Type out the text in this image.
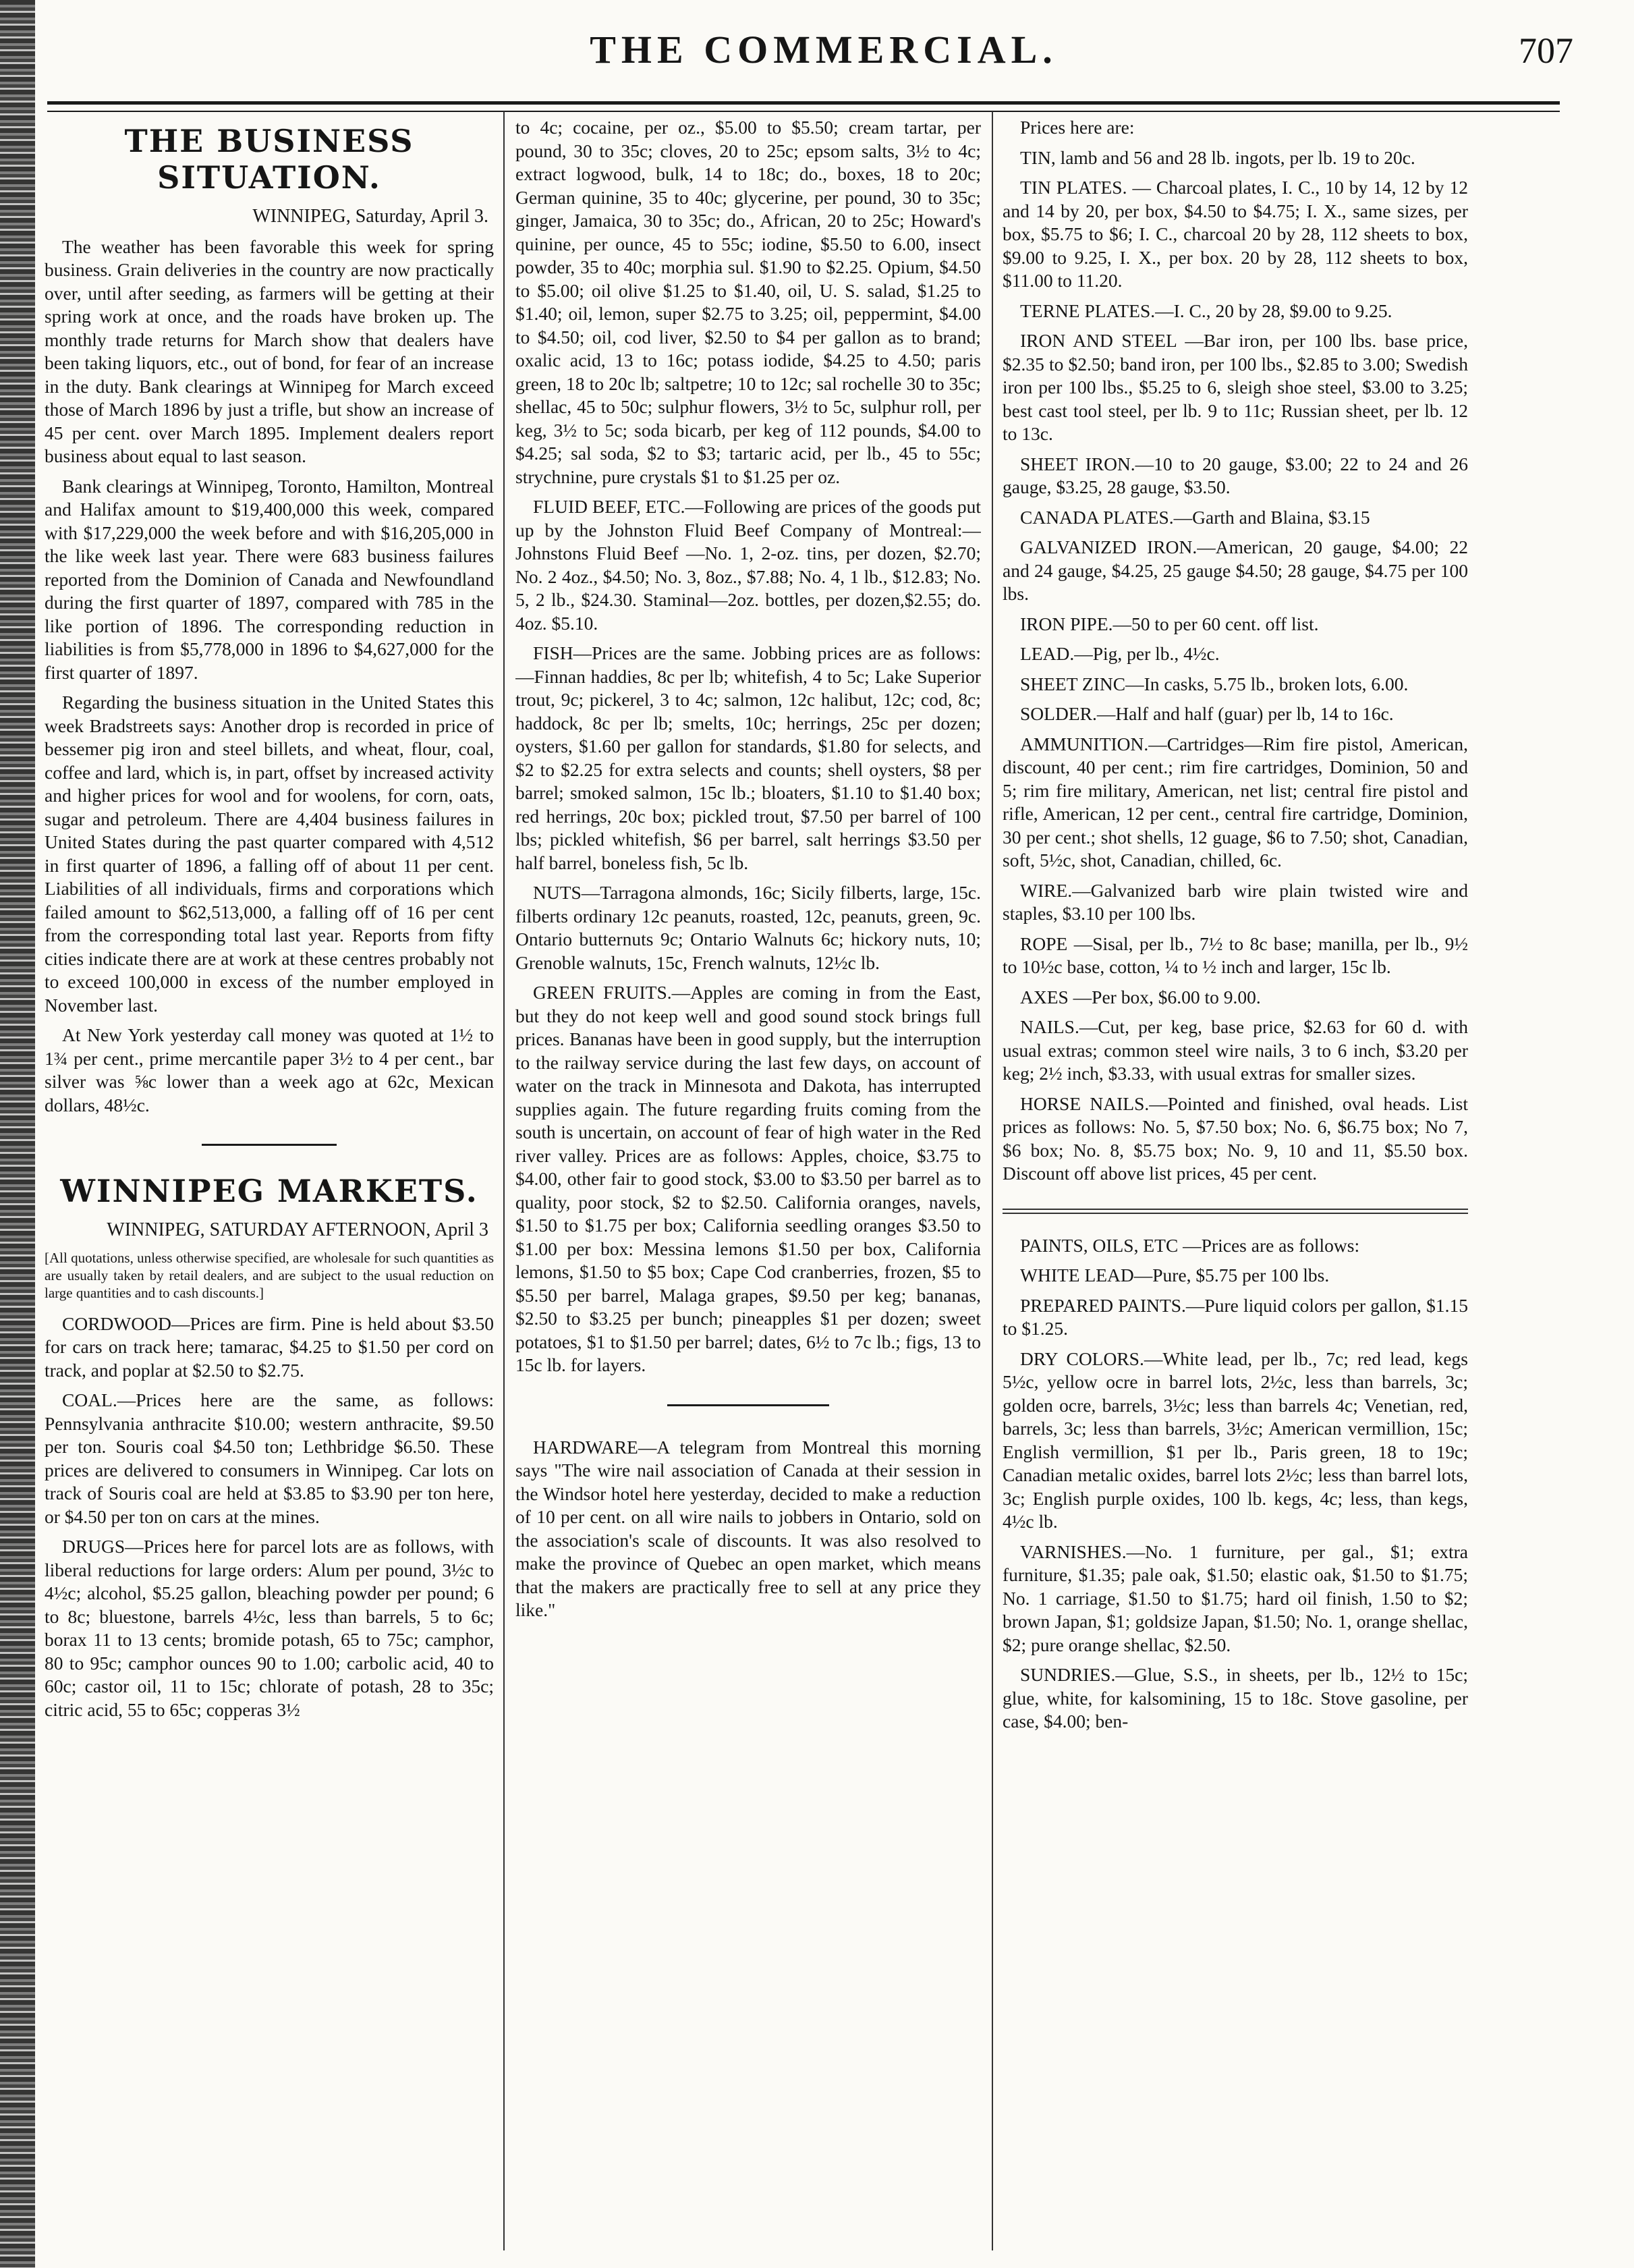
THE COMMERCIAL.	707
THE BUSINESS SITUATION.
WINNIPEG, Saturday, April 3.

The weather has been favorable this week for spring business. Grain deliveries in the country are now practically over, until after seeding, as farmers will be getting at their spring work at once, and the roads have broken up. The monthly trade returns for March show that dealers have been taking liquors, etc., out of bond, for fear of an increase in the duty. Bank clearings at Winnipeg for March exceed those of March 1896 by just a trifle, but show an increase of 45 per cent. over March 1895. Implement dealers report business about equal to last season.

Bank clearings at Winnipeg, Toronto, Hamilton, Montreal and Halifax amount to $19,400,000 this week, compared with $17,229,000 the week before and with $16,205,000 in the like week last year. There were 683 business failures reported from the Dominion of Canada and Newfoundland during the first quarter of 1897, compared with 785 in the like portion of 1896. The corresponding reduction in liabilities is from $5,778,000 in 1896 to $4,627,000 for the first quarter of 1897.

Regarding the business situation in the United States this week Bradstreets says: Another drop is recorded in price of bessemer pig iron and steel billets, and wheat, flour, coal, coffee and lard, which is, in part, offset by increased activity and higher prices for wool and for woolens, for corn, oats, sugar and petroleum. There are 4,404 business failures in United States during the past quarter compared with 4,512 in first quarter of 1896, a falling off of about 11 per cent. Liabilities of all individuals, firms and corporations which failed amount to $62,513,000, a falling off of 16 per cent from the corresponding total last year. Reports from fifty cities indicate there are at work at these centres probably not to exceed 100,000 in excess of the number employed in November last.

At New York yesterday call money was quoted at 1½ to 1¾ per cent., prime mercantile paper 3½ to 4 per cent., bar silver was ⅝c lower than a week ago at 62c, Mexican dollars, 48½c.

WINNIPEG MARKETS.
WINNIPEG, SATURDAY AFTERNOON, April 3
[All quotations, unless otherwise specified, are wholesale for such quantities as are usually taken by retail dealers, and are subject to the usual reduction on large quantities and to cash discounts.]

CORDWOOD—Prices are firm. Pine is held about $3.50 for cars on track here; tamarac, $4.25 to $1.50 per cord on track, and poplar at $2.50 to $2.75.

COAL.—Prices here are the same, as follows: Pennsylvania anthracite $10.00; western anthracite, $9.50 per ton. Souris coal $4.50 ton; Lethbridge $6.50. These prices are delivered to consumers in Winnipeg. Car lots on track of Souris coal are held at $3.85 to $3.90 per ton here, or $4.50 per ton on cars at the mines.

DRUGS—Prices here for parcel lots are as follows, with liberal reductions for large orders: Alum per pound, 3½c to 4½c; alcohol, $5.25 gallon, bleaching powder per pound; 6 to 8c; bluestone, barrels 4½c, less than barrels, 5 to 6c; borax 11 to 13 cents; bromide potash, 65 to 75c; camphor, 80 to 95c; camphor ounces 90 to 1.00; carbolic acid, 40 to 60c; castor oil, 11 to 15c; chlorate of potash, 28 to 35c; citric acid, 55 to 65c; copperas 3½

to 4c; cocaine, per oz., $5.00 to $5.50; cream tartar, per pound, 30 to 35c; cloves, 20 to 25c; epsom salts, 3½ to 4c; extract logwood, bulk, 14 to 18c; do., boxes, 18 to 20c; German quinine, 35 to 40c; glycerine, per pound, 30 to 35c; ginger, Jamaica, 30 to 35c; do., African, 20 to 25c; Howard's quinine, per ounce, 45 to 55c; iodine, $5.50 to 6.00, insect powder, 35 to 40c; morphia sul. $1.90 to $2.25. Opium, $4.50 to $5.00; oil olive $1.25 to $1.40, oil, U. S. salad, $1.25 to $1.40; oil, lemon, super $2.75 to 3.25; oil, peppermint, $4.00 to $4.50; oil, cod liver, $2.50 to $4 per gallon as to brand; oxalic acid, 13 to 16c; potass iodide, $4.25 to 4.50; paris green, 18 to 20c lb; saltpetre; 10 to 12c; sal rochelle 30 to 35c; shellac, 45 to 50c; sulphur flowers, 3½ to 5c, sulphur roll, per keg, 3½ to 5c; soda bicarb, per keg of 112 pounds, $4.00 to $4.25; sal soda, $2 to $3; tartaric acid, per lb., 45 to 55c; strychnine, pure crystals $1 to $1.25 per oz.

FLUID BEEF, ETC.—Following are prices of the goods put up by the Johnston Fluid Beef Company of Montreal:—Johnstons Fluid Beef —No. 1, 2-oz. tins, per dozen, $2.70; No. 2 4oz., $4.50; No. 3, 8oz., $7.88; No. 4, 1 lb., $12.83; No. 5, 2 lb., $24.30. Staminal—2oz. bottles, per dozen,$2.55; do. 4oz. $5.10.

FISH—Prices are the same. Jobbing prices are as follows:—Finnan haddies, 8c per lb; whitefish, 4 to 5c; Lake Superior trout, 9c; pickerel, 3 to 4c; salmon, 12c halibut, 12c; cod, 8c; haddock, 8c per lb; smelts, 10c; herrings, 25c per dozen; oysters, $1.60 per gallon for standards, $1.80 for selects, and $2 to $2.25 for extra selects and counts; shell oysters, $8 per barrel; smoked salmon, 15c lb.; bloaters, $1.10 to $1.40 box; red herrings, 20c box; pickled trout, $7.50 per barrel of 100 lbs; pickled whitefish, $6 per barrel, salt herrings $3.50 per half barrel, boneless fish, 5c lb.

NUTS—Tarragona almonds, 16c; Sicily filberts, large, 15c. filberts ordinary 12c peanuts, roasted, 12c, peanuts, green, 9c. Ontario butternuts 9c; Ontario Walnuts 6c; hickory nuts, 10; Grenoble walnuts, 15c, French walnuts, 12½c lb.

GREEN FRUITS.—Apples are coming in from the East, but they do not keep well and good sound stock brings full prices. Bananas have been in good supply, but the interruption to the railway service during the last few days, on account of water on the track in Minnesota and Dakota, has interrupted supplies again. The future regarding fruits coming from the south is uncertain, on account of fear of high water in the Red river valley. Prices are as follows: Apples, choice, $3.75 to $4.00, other fair to good stock, $3.00 to $3.50 per barrel as to quality, poor stock, $2 to $2.50. California oranges, navels, $1.50 to $1.75 per box; California seedling oranges $3.50 to $1.00 per box: Messina lemons $1.50 per box, California lemons, $1.50 to $5 box; Cape Cod cranberries, frozen, $5 to $5.50 per barrel, Malaga grapes, $9.50 per keg; bananas, $2.50 to $3.25 per bunch; pineapples $1 per dozen; sweet potatoes, $1 to $1.50 per barrel; dates, 6½ to 7c lb.; figs, 13 to 15c lb. for layers.

HARDWARE—A telegram from Montreal this morning says "The wire nail association of Canada at their session in the Windsor hotel here yesterday, decided to make a reduction of 10 per cent. on all wire nails to jobbers in Ontario, sold on the association's scale of discounts. It was also resolved to make the province of Quebec an open market, which means that the makers are practically free to sell at any price they like."

Prices here are:

TIN, lamb and 56 and 28 lb. ingots, per lb. 19 to 20c.

TIN PLATES. — Charcoal plates, I. C., 10 by 14, 12 by 12 and 14 by 20, per box, $4.50 to $4.75; I. X., same sizes, per box, $5.75 to $6; I. C., charcoal 20 by 28, 112 sheets to box, $9.00 to 9.25, I. X., per box. 20 by 28, 112 sheets to box, $11.00 to 11.20.

TERNE PLATES.—I. C., 20 by 28, $9.00 to 9.25.

IRON AND STEEL —Bar iron, per 100 lbs. base price, $2.35 to $2.50; band iron, per 100 lbs., $2.85 to 3.00; Swedish iron per 100 lbs., $5.25 to 6, sleigh shoe steel, $3.00 to 3.25; best cast tool steel, per lb. 9 to 11c; Russian sheet, per lb. 12 to 13c.

SHEET IRON.—10 to 20 gauge, $3.00; 22 to 24 and 26 gauge, $3.25, 28 gauge, $3.50.

CANADA PLATES.—Garth and Blaina, $3.15

GALVANIZED IRON.—American, 20 gauge, $4.00; 22 and 24 gauge, $4.25, 25 gauge $4.50; 28 gauge, $4.75 per 100 lbs.

IRON PIPE.—50 to per 60 cent. off list.

LEAD.—Pig, per lb., 4½c.

SHEET ZINC—In casks, 5.75 lb., broken lots, 6.00.

SOLDER.—Half and half (guar) per lb, 14 to 16c.

AMMUNITION.—Cartridges—Rim fire pistol, American, discount, 40 per cent.; rim fire cartridges, Dominion, 50 and 5; rim fire military, American, net list; central fire pistol and rifle, American, 12 per cent., central fire cartridge, Dominion, 30 per cent.; shot shells, 12 guage, $6 to 7.50; shot, Canadian, soft, 5½c, shot, Canadian, chilled, 6c.

WIRE.—Galvanized barb wire plain twisted wire and staples, $3.10 per 100 lbs.

ROPE —Sisal, per lb., 7½ to 8c base; manilla, per lb., 9½ to 10½c base, cotton, ¼ to ½ inch and larger, 15c lb.

AXES —Per box, $6.00 to 9.00.

NAILS.—Cut, per keg, base price, $2.63 for 60 d. with usual extras; common steel wire nails, 3 to 6 inch, $3.20 per keg; 2½ inch, $3.33, with usual extras for smaller sizes.

HORSE NAILS.—Pointed and finished, oval heads. List prices as follows: No. 5, $7.50 box; No. 6, $6.75 box; No 7, $6 box; No. 8, $5.75 box; No. 9, 10 and 11, $5.50 box. Discount off above list prices, 45 per cent.

PAINTS, OILS, ETC —Prices are as follows:

WHITE LEAD—Pure, $5.75 per 100 lbs.

PREPARED PAINTS.—Pure liquid colors per gallon, $1.15 to $1.25.

DRY COLORS.—White lead, per lb., 7c; red lead, kegs 5½c, yellow ocre in barrel lots, 2½c, less than barrels, 3c; golden ocre, barrels, 3½c; less than barrels 4c; Venetian, red, barrels, 3c; less than barrels, 3½c; American vermillion, 15c; English vermillion, $1 per lb., Paris green, 18 to 19c; Canadian metalic oxides, barrel lots 2½c; less than barrel lots, 3c; English purple oxides, 100 lb. kegs, 4c; less, than kegs, 4½c lb.

VARNISHES.—No. 1 furniture, per gal., $1; extra furniture, $1.35; pale oak, $1.50; elastic oak, $1.50 to $1.75; No. 1 carriage, $1.50 to $1.75; hard oil finish, 1.50 to $2; brown Japan, $1; goldsize Japan, $1.50; No. 1, orange shellac, $2; pure orange shellac, $2.50.

SUNDRIES.—Glue, S.S., in sheets, per lb., 12½ to 15c; glue, white, for kalsomining, 15 to 18c. Stove gasoline, per case, $4.00; ben-
